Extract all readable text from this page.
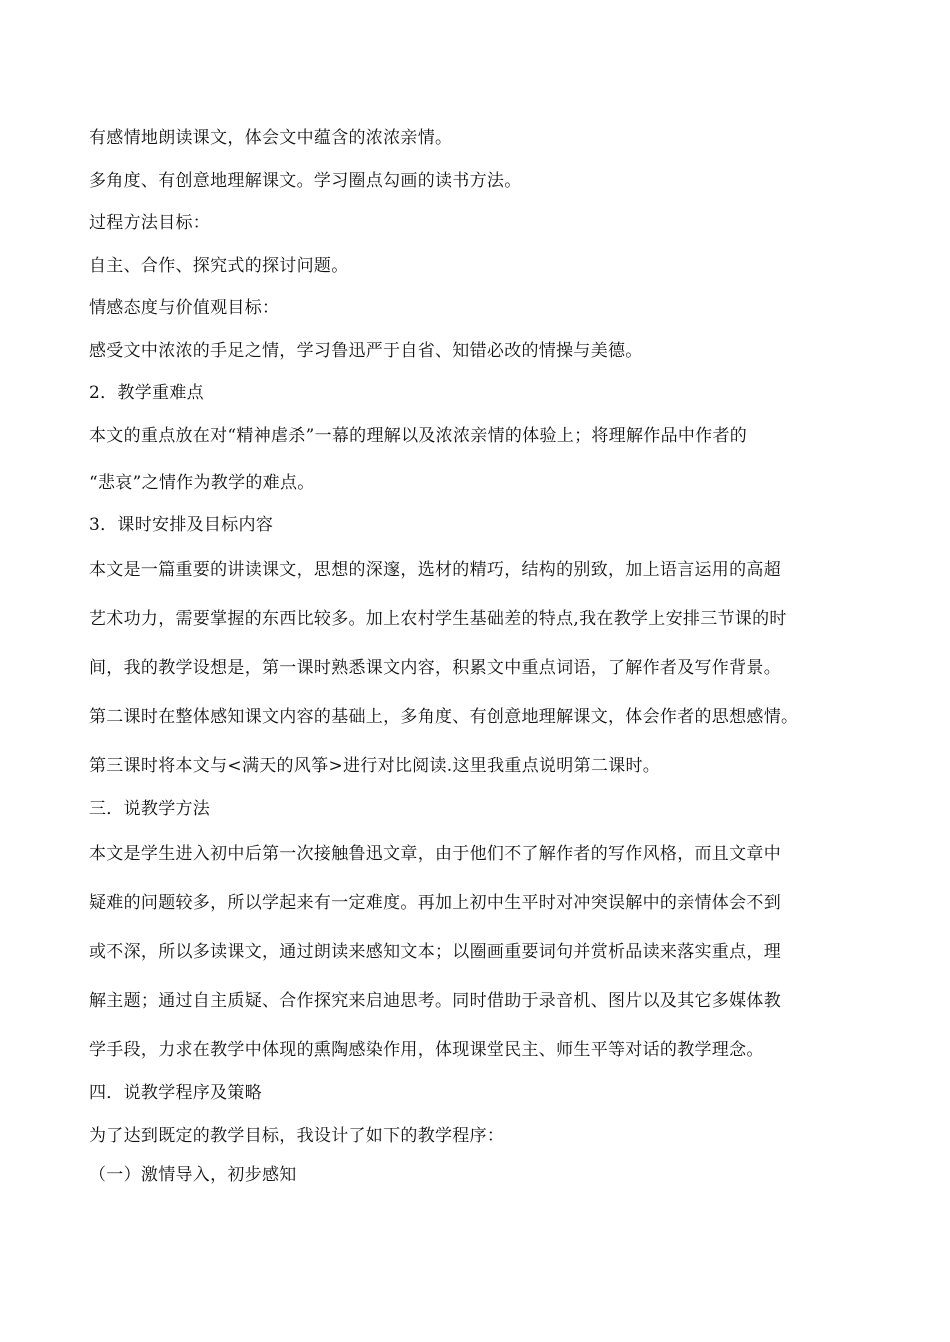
有感情地朗读课文，体会文中蕴含的浓浓亲情。
多角度、有创意地理解课文。学习圈点勾画的读书方法。
过程方法目标：
自主、合作、探究式的探讨问题。
情感态度与价值观目标：
感受文中浓浓的手足之情，学习鲁迅严于自省、知错必改的情操与美德。
2．教学重难点
本文的重点放在对“精神虐杀”一幕的理解以及浓浓亲情的体验上；将理解作品中作者的
“悲哀”之情作为教学的难点。
3．课时安排及目标内容
本文是一篇重要的讲读课文，思想的深邃，选材的精巧，结构的别致，加上语言运用的高超
艺术功力，需要掌握的东西比较多。加上农村学生基础差的特点,我在教学上安排三节课的时
间，我的教学设想是，第一课时熟悉课文内容，积累文中重点词语，了解作者及写作背景。
第二课时在整体感知课文内容的基础上，多角度、有创意地理解课文，体会作者的思想感情。
第三课时将本文与<满天的风筝>进行对比阅读.这里我重点说明第二课时。
三．说教学方法
本文是学生进入初中后第一次接触鲁迅文章，由于他们不了解作者的写作风格，而且文章中
疑难的问题较多，所以学起来有一定难度。再加上初中生平时对冲突误解中的亲情体会不到
或不深，所以多读课文，通过朗读来感知文本；以圈画重要词句并赏析品读来落实重点，理
解主题；通过自主质疑、合作探究来启迪思考。同时借助于录音机、图片以及其它多媒体教
学手段，力求在教学中体现的熏陶感染作用，体现课堂民主、师生平等对话的教学理念。
四．说教学程序及策略
为了达到既定的教学目标，我设计了如下的教学程序：
（一）激情导入，初步感知
